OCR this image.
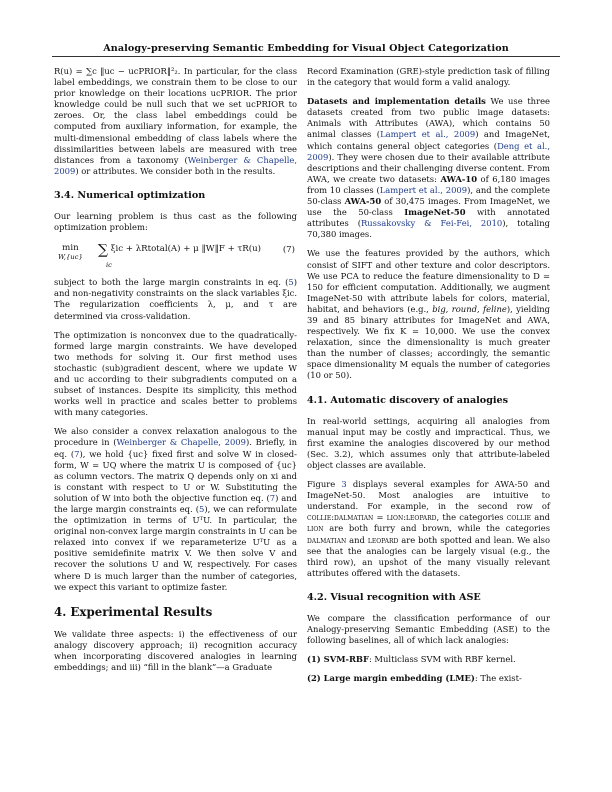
Analogy-preserving Semantic Embedding for Visual Object Categorization

R(u) = ∑c ‖uc − ucPRIOR‖²₂. In particular, for the class label embeddings, we constrain them to be close to our prior knowledge on their locations ucPRIOR. The prior knowledge could be null such that we set ucPRIOR to zeroes. Or, the class label embeddings could be computed from auxiliary information, for example, the multi-dimensional embedding of class labels where the dissimilarities between labels are measured with tree distances from a taxonomy (Weinberger & Chapelle, 2009) or attributes. We consider both in the results.

3.4. Numerical optimization

Our learning problem is thus cast as the following optimization problem:

min
W,{uc} ∑
ic
ξic + λRtotal(A) + μ ‖W‖F + τR(u)	(7)

subject to both the large margin constraints in eq. (5) and non-negativity constraints on the slack variables ξic. The regularization coefficients λ, μ, and τ are determined via cross-validation.

The optimization is nonconvex due to the quadratically-formed large margin constraints. We have developed two methods for solving it. Our first method uses stochastic (sub)gradient descent, where we update W and uc according to their subgradients computed on a subset of instances. Despite its simplicity, this method works well in practice and scales better to problems with many categories.

We also consider a convex relaxation analogous to the procedure in (Weinberger & Chapelle, 2009). Briefly, in eq. (7), we hold {uc} fixed first and solve W in closed-form, W = UQ where the matrix U is composed of {uc} as column vectors. The matrix Q depends only on xi and is constant with respect to U or W. Substituting the solution of W into both the objective function eq. (7) and the large margin constraints eq. (5), we can reformulate the optimization in terms of UᵀU. In particular, the original non-convex large margin constraints in U can be relaxed into convex if we reparameterize UᵀU as a positive semidefinite matrix V. We then solve V and recover the solutions U and W, respectively. For cases where D is much larger than the number of categories, we expect this variant to optimize faster.

4. Experimental Results

We validate three aspects: i) the effectiveness of our analogy discovery approach; ii) recognition accuracy when incorporating discovered analogies in learning embeddings; and iii) “fill in the blank”—a Graduate

Record Examination (GRE)-style prediction task of filling in the category that would form a valid analogy.

Datasets and implementation details We use three datasets created from two public image datasets: Animals with Attributes (AWA), which contains 50 animal classes (Lampert et al., 2009) and ImageNet, which contains general object categories (Deng et al., 2009). They were chosen due to their available attribute descriptions and their challenging diverse content. From AWA, we create two datasets: AWA-10 of 6,180 images from 10 classes (Lampert et al., 2009), and the complete 50-class AWA-50 of 30,475 images. From ImageNet, we use the 50-class ImageNet-50 with annotated attributes (Russakovsky & Fei-Fei, 2010), totaling 70,380 images.

We use the features provided by the authors, which consist of SIFT and other texture and color descriptors. We use PCA to reduce the feature dimensionality to D = 150 for efficient computation. Additionally, we augment ImageNet-50 with attribute labels for colors, material, habitat, and behaviors (e.g., big, round, feline), yielding 39 and 85 binary attributes for ImageNet and AWA, respectively. We fix K = 10,000. We use the convex relaxation, since the dimensionality is much greater than the number of classes; accordingly, the semantic space dimensionality M equals the number of categories (10 or 50).

4.1. Automatic discovery of analogies

In real-world settings, acquiring all analogies from manual input may be costly and impractical. Thus, we first examine the analogies discovered by our method (Sec. 3.2), which assumes only that attribute-labeled object classes are available.

Figure 3 displays several examples for AWA-50 and ImageNet-50. Most analogies are intuitive to understand. For example, in the second row of collie:dalmatian = lion:leopard, the categories collie and lion are both furry and brown, while the categories dalmatian and leopard are both spotted and lean. We also see that the analogies can be largely visual (e.g., the third row), an upshot of the many visually relevant attributes offered with the datasets.

4.2. Visual recognition with ASE

We compare the classification performance of our Analogy-preserving Semantic Embedding (ASE) to the following baselines, all of which lack analogies:

(1) SVM-RBF: Multiclass SVM with RBF kernel.

(2) Large margin embedding (LME): The exist-
